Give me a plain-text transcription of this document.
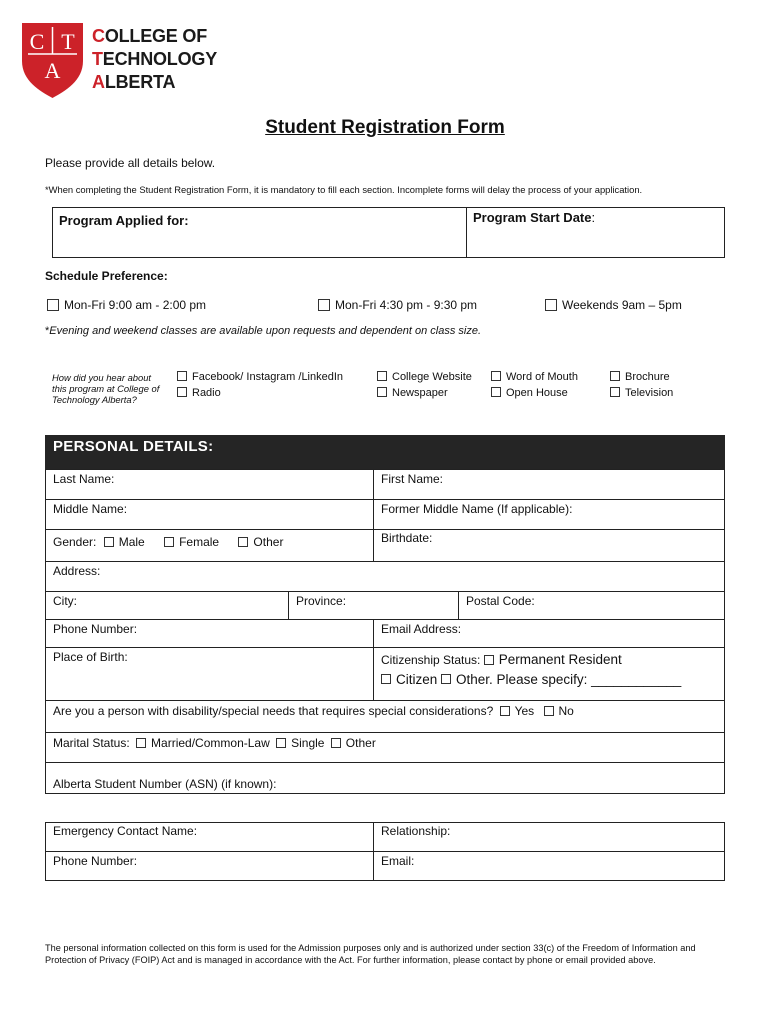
C T
A
COLLEGE OF
TECHNOLOGY
ALBERTA
Student Registration Form
Please provide all details below.
*When completing the Student Registration Form, it is mandatory to fill each section. Incomplete forms will delay the process of your application.
Program Applied for:	Program Start Date:
Schedule Preference:
Mon-Fri 9:00 am - 2:00 pm	Mon-Fri 4:30 pm - 9:30 pm	Weekends 9am – 5pm
*Evening and weekend classes are available upon requests and dependent on class size.
How did you hear about this program at College of Technology Alberta?
Facebook/ Instagram /LinkedIn
Radio
College Website
Newspaper
Word of Mouth
Open House
Brochure
Television
PERSONAL DETAILS:
Last Name:	First Name:
Middle Name:	Former Middle Name (If applicable):
Gender: Male	Female	Other	Birthdate:
Address:
City:	Province:	Postal Code:
Phone Number:	Email Address:
Place of Birth:	Citizenship Status: Permanent Resident
Citizen Other. Please specify: ____________
Are you a person with disability/special needs that requires special considerations? Yes No
Marital Status: Married/Common-Law Single Other
Alberta Student Number (ASN) (if known):
Emergency Contact Name:	Relationship:
Phone Number:	Email:
The personal information collected on this form is used for the Admission purposes only and is authorized under section 33(c) of the Freedom of Information and Protection of Privacy (FOIP) Act and is managed in accordance with the Act. For further information, please contact by phone or email provided above.
